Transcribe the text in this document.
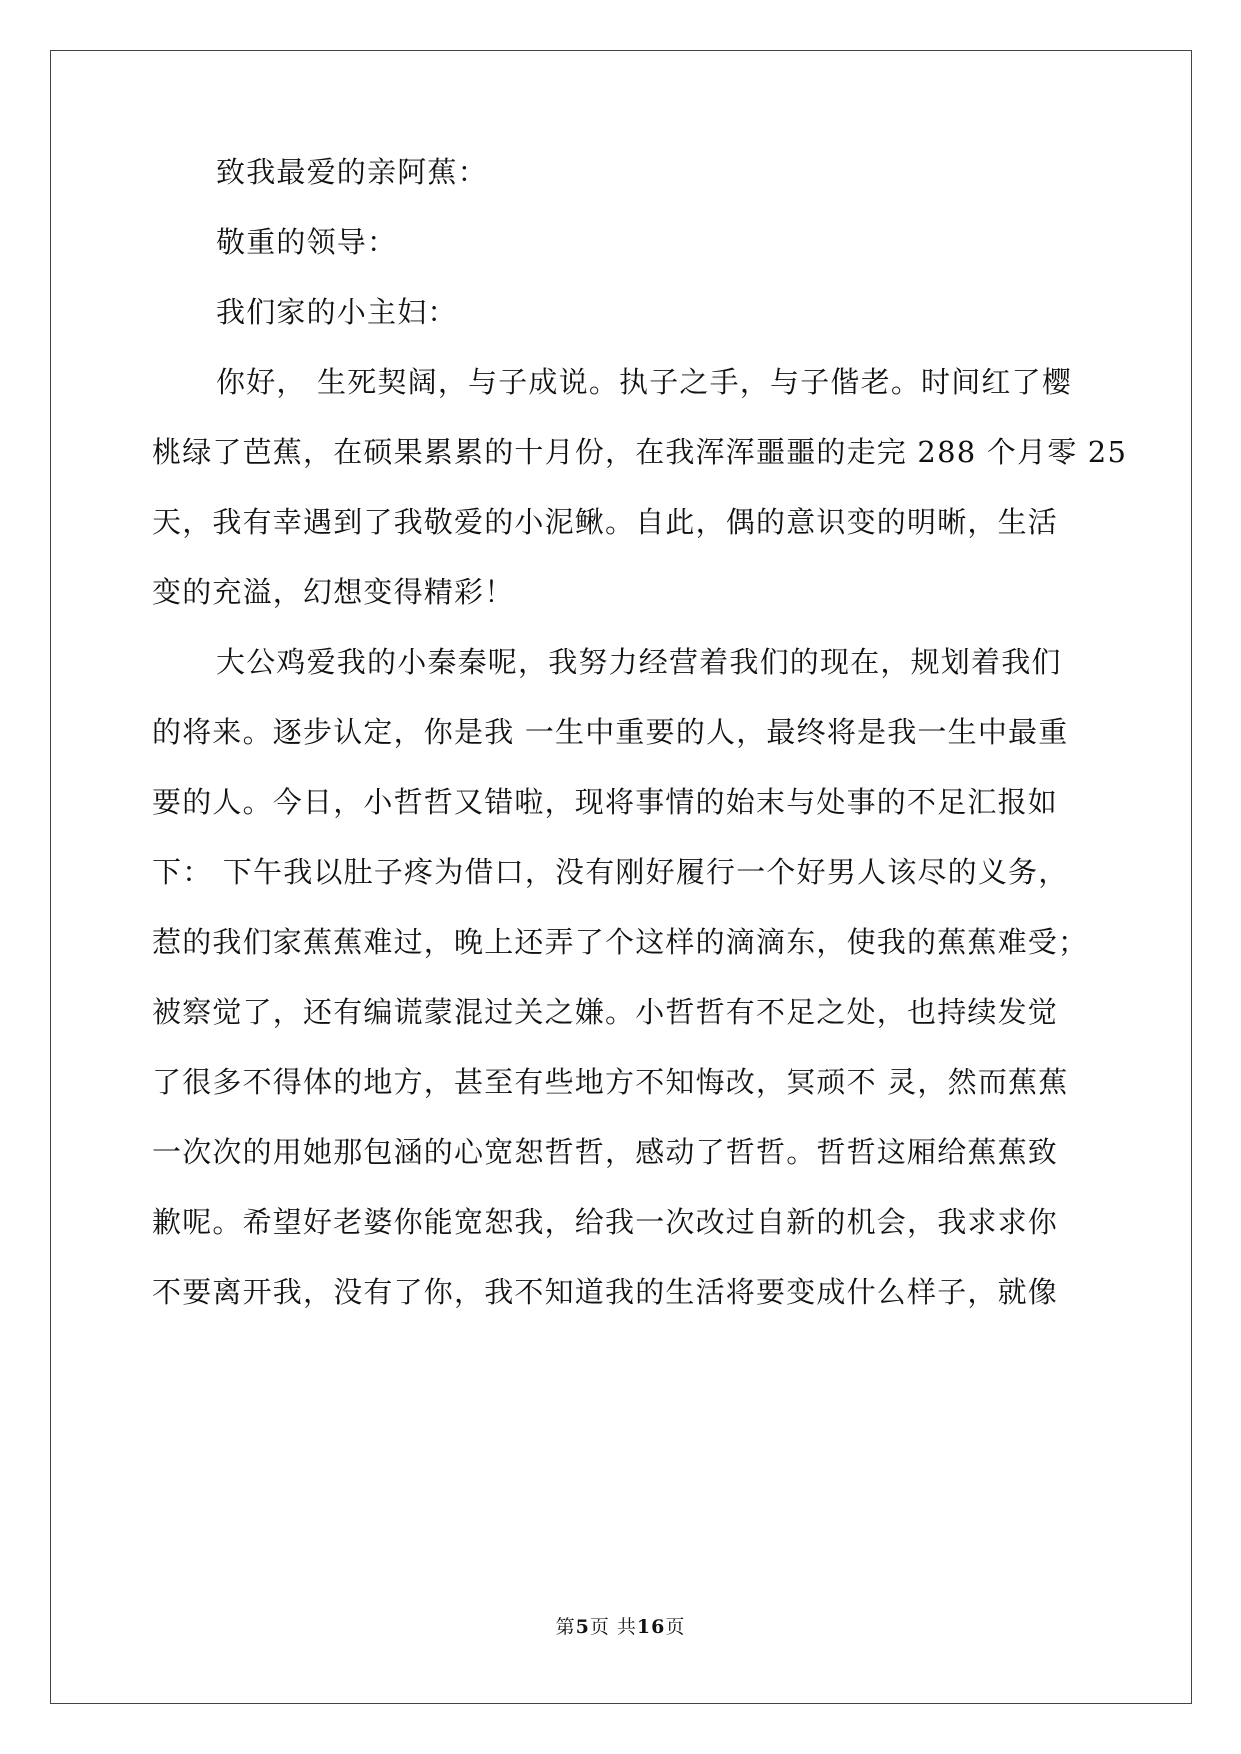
致我最爱的亲阿蕉：
敬重的领导：
我们家的小主妇：
你好， 生死契阔，与子成说。执子之手，与子偕老。时间红了樱
桃绿了芭蕉，在硕果累累的十月份，在我浑浑噩噩的走完 288 个月零 25
天，我有幸遇到了我敬爱的小泥鳅。自此，偶的意识变的明晰，生活
变的充溢，幻想变得精彩！
大公鸡爱我的小秦秦呢，我努力经营着我们的现在，规划着我们
的将来。逐步认定，你是我 一生中重要的人，最终将是我一生中最重
要的人。今日，小哲哲又错啦，现将事情的始末与处事的不足汇报如
下： 下午我以肚子疼为借口，没有刚好履行一个好男人该尽的义务，
惹的我们家蕉蕉难过，晚上还弄了个这样的滴滴东，使我的蕉蕉难受；
被察觉了，还有编谎蒙混过关之嫌。小哲哲有不足之处，也持续发觉
了很多不得体的地方，甚至有些地方不知悔改，冥顽不 灵，然而蕉蕉
一次次的用她那包涵的心宽恕哲哲，感动了哲哲。哲哲这厢给蕉蕉致
歉呢。希望好老婆你能宽恕我，给我一次改过自新的机会，我求求你
不要离开我，没有了你，我不知道我的生活将要变成什么样子，就像
第5页 共16页
